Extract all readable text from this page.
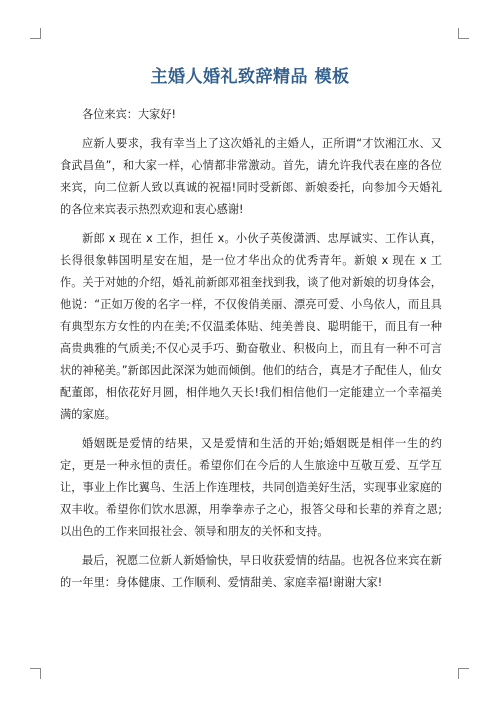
主婚人婚礼致辞精品 模板

各位来宾：大家好!

应新人要求，我有幸当上了这次婚礼的主婚人，正所谓“才饮湘江水、又食武昌鱼”，和大家一样，心情都非常激动。首先，请允许我代表在座的各位来宾，向二位新人致以真诚的祝福!同时受新郎、新娘委托，向参加今天婚礼的各位来宾表示热烈欢迎和衷心感谢!

新郎 x 现在 x 工作，担任 x。小伙子英俊潇洒、忠厚诚实、工作认真，长得很象韩国明星安在旭，是一位才华出众的优秀青年。新娘 x 现在 x 工作。关于对她的介绍，婚礼前新郎邓祖奎找到我，谈了他对新娘的切身体会，他说：“正如万俊的名字一样，不仅俊俏美丽、漂亮可爱、小鸟依人，而且具有典型东方女性的内在美;不仅温柔体贴、纯美善良、聪明能干，而且有一种高贵典雅的气质美;不仅心灵手巧、勤奋敬业、积极向上，而且有一种不可言状的神秘美。”新郎因此深深为她而倾倒。他们的结合，真是才子配佳人，仙女配董郎，相依花好月圆，相伴地久天长!我们相信他们一定能建立一个幸福美满的家庭。

婚姻既是爱情的结果，又是爱情和生活的开始;婚姻既是相伴一生的约定，更是一种永恒的责任。希望你们在今后的人生旅途中互敬互爱、互学互让，事业上作比翼鸟、生活上作连理枝，共同创造美好生活，实现事业家庭的双丰收。希望你们饮水思源，用拳拳赤子之心，报答父母和长辈的养育之恩;以出色的工作来回报社会、领导和朋友的关怀和支持。

最后，祝愿二位新人新婚愉快，早日收获爱情的结晶。也祝各位来宾在新的一年里：身体健康、工作顺利、爱情甜美、家庭幸福!谢谢大家!
